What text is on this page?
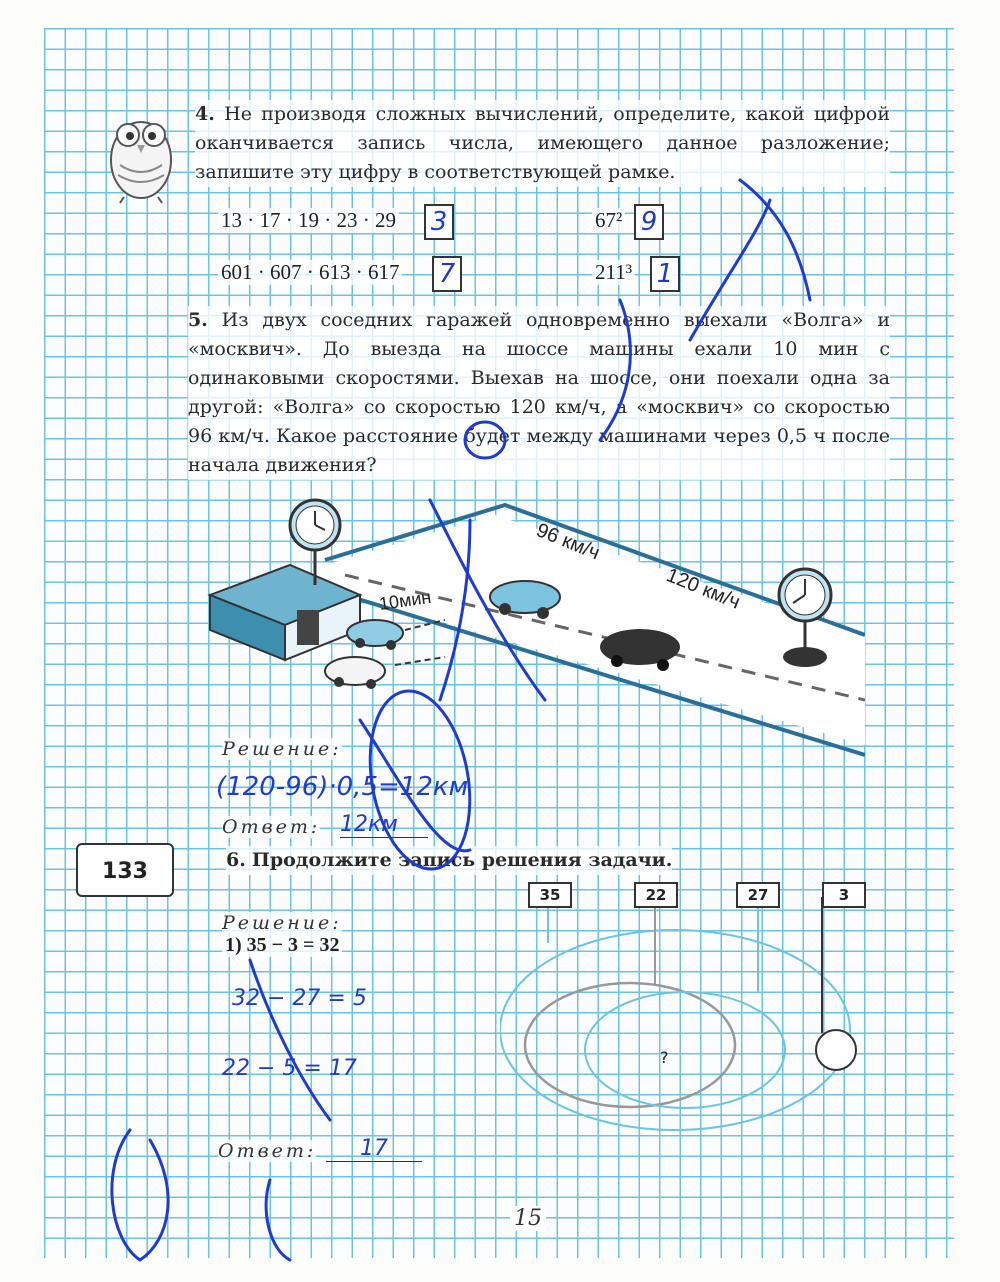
4. Не производя сложных вычислений, определите, какой цифрой оканчивается запись числа, имеющего данное разложение; запишите эту цифру в соответствующей рамке.
13 · 17 · 19 · 23 · 29 3	67² 9
601 · 607 · 613 · 617 7	211³ 1
5. Из двух соседних гаражей одновременно выехали «Волга» и «москвич». До выезда на шоссе машины ехали 10 мин с одинаковыми скоростями. Выехав на шоссе, они поехали одна за другой: «Волга» со скоростью 120 км/ч, а «москвич» со скоростью 96 км/ч. Какое расстояние будет между машинами через 0,5 ч после начала движения?
10мин
96 км/ч
120 км/ч
Решение:
(120-96)·0,5=12км
Ответ: 12км
133	6. Продолжите запись решения задачи.
Решение:
1) 35 − 3 = 32
32 − 27 = 5
22 − 5 = 17
Ответ:	17
?
35	22	27	3
15
